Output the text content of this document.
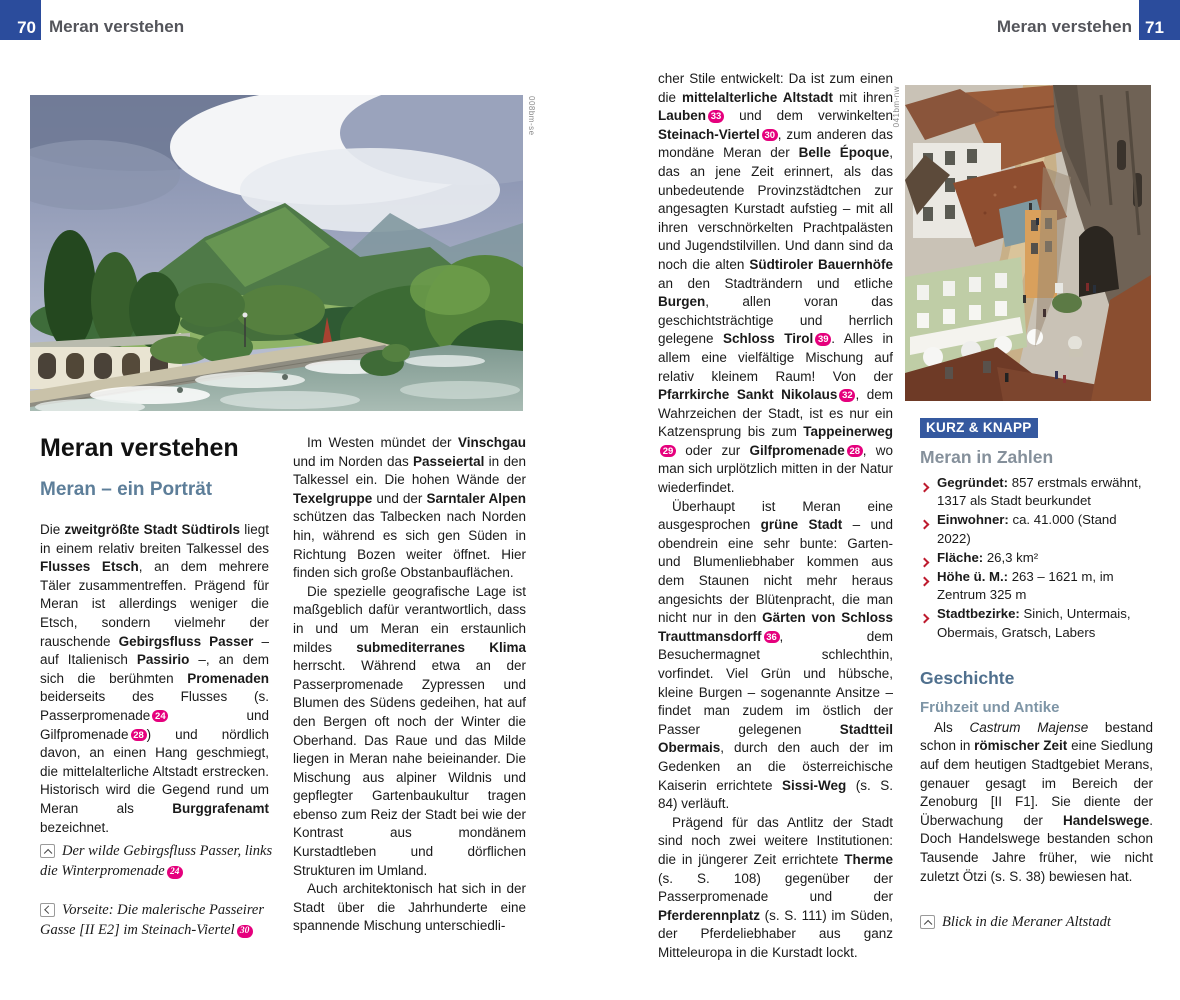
70 Meran verstehen	71
Meran verstehen
008bm-se	041bm-nw
Meran verstehen
Meran – ein Porträt

Die zweitgrößte Stadt Südtirols liegt in einem relativ breiten Talkessel des Flusses Etsch, an dem mehrere Täler zusammentreffen. Prägend für Meran ist allerdings weniger die Etsch, sondern vielmehr der rauschende Gebirgsfluss Passer – auf Italienisch Passirio –, an dem sich die berühmten Promenaden beiderseits des Flusses (s. Passerpromenade 24 und Gilfpromenade 28 ) und nördlich davon, an einen Hang geschmiegt, die mittelalterliche Altstadt erstrecken. Historisch wird die Gegend rund um Meran als Burggrafenamt bezeichnet.

Der wilde Gebirgsfluss Passer, links die Winterpromenade 24
Vorseite: Die malerische Passeirer Gasse [II E2] im Steinach-Viertel 30

Im Westen mündet der Vinschgau und im Norden das Passeiertal in den Talkessel ein. Die hohen Wände der Texelgruppe und der Sarntaler Alpen schützen das Talbecken nach Norden hin, während es sich gen Süden in Richtung Bozen weiter öffnet. Hier finden sich große Obstanbauflächen.

Die spezielle geografische Lage ist maßgeblich dafür verantwortlich, dass in und um Meran ein erstaunlich mildes submediterranes Klima herrscht. Während etwa an der Passerpromenade Zypressen und Blumen des Südens gedeihen, hat auf den Bergen oft noch der Winter die Oberhand. Das Raue und das Milde liegen in Meran nahe beieinander. Die Mischung aus alpiner Wildnis und gepflegter Gartenbaukultur tragen ebenso zum Reiz der Stadt bei wie der Kontrast aus mondänem Kurstadtleben und dörflichen Strukturen im Umland.

Auch architektonisch hat sich in der Stadt über die Jahrhunderte eine spannende Mischung unterschiedli-

cher Stile entwickelt: Da ist zum einen die mittelalterliche Altstadt mit ihren Lauben 33 und dem verwinkelten Steinach-Viertel 30 , zum anderen das mondäne Meran der Belle Époque, das an jene Zeit erinnert, als das unbedeutende Provinzstädtchen zur angesagten Kurstadt aufstieg – mit all ihren verschnörkelten Prachtpalästen und Jugendstilvillen. Und dann sind da noch die alten Südtiroler Bauernhöfe an den Stadträndern und etliche Burgen, allen voran das geschichtsträchtige und herrlich gelegene Schloss Tirol 39 . Alles in allem eine vielfältige Mischung auf relativ kleinem Raum! Von der Pfarrkirche Sankt Nikolaus 32 , dem Wahrzeichen der Stadt, ist es nur ein Katzensprung bis zum Tappeinerweg29 oder zur Gilfpromenade 28 , wo man sich urplötzlich mitten in der Natur wiederfindet.

Überhaupt ist Meran eine ausgesprochen grüne Stadt – und obendrein eine sehr bunte: Garten- und Blumenliebhaber kommen aus dem Staunen nicht mehr heraus angesichts der Blütenpracht, die man nicht nur in den Gärten von Schloss Trauttmansdorff 36 , dem Besuchermagnet schlechthin, vorfindet. Viel Grün und hübsche, kleine Burgen – sogenannte Ansitze – findet man zudem im östlich der Passer gelegenen Stadtteil Obermais, durch den auch der im Gedenken an die österreichische Kaiserin errichtete Sissi-Weg (s. S. 84) verläuft.

Prägend für das Antlitz der Stadt sind noch zwei weitere Institutionen: die in jüngerer Zeit errichtete Therme (s. S. 108) gegenüber der Passerpromenade und der Pferderennplatz (s. S. 111) im Süden, der Pferdeliebhaber aus ganz Mitteleuropa in die Kurstadt lockt.

KURZ & KNAPP
Meran in Zahlen

Gegründet: 857 erstmals erwähnt, 1317 als Stadt beurkundet

Einwohner: ca. 41.000 (Stand 2022)

Fläche: 26,3 km²

Höhe ü. M.: 263 – 1621 m, im Zentrum 325 m

Stadtbezirke: Sinich, Untermais, Obermais, Gratsch, Labers

Geschichte
Frühzeit und Antike

Als Castrum Majense bestand schon in römischer Zeit eine Siedlung auf dem heutigen Stadtgebiet Merans, genauer gesagt im Bereich der Zenoburg [II F1]. Sie diente der Überwachung der Handelswege. Doch Handelswege bestanden schon Tausende Jahre früher, wie nicht zuletzt Ötzi (s. S. 38) bewiesen hat.

Blick in die Meraner Altstadt
